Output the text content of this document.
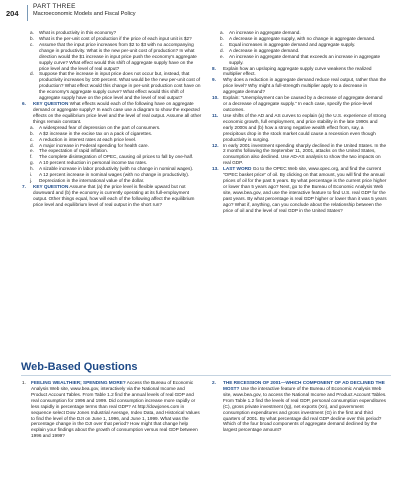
204
PART THREE
Macroeconomic Models and Fiscal Policy
a.	What is productivity in this economy?
b.	What is the per-unit cost of production if the price of each input unit is $2?
c.	Assume that the input price increases from $2 to $3 with no accompanying change in productivity. What is the new per-unit cost of production? In what direction would the $1 increase in input price push the economy's aggregate supply curve? What effect would this shift of aggregate supply have on the price level and the level of real output?
d.	Suppose that the increase in input price does not occur but, instead, that productivity increases by 100 percent. What would be the new per-unit cost of production? What effect would this change in per-unit production cost have on the economy's aggregate supply curve? What effect would this shift of aggregate supply have on the price level and the level of real output?
6.	KEY QUESTION What effects would each of the following have on aggregate demand or aggregate supply? In each case use a diagram to show the expected effects on the equilibrium price level and the level of real output. Assume all other things remain constant.
a.	A widespread fear of depression on the part of consumers.
b.	A $2 increase in the excise tax on a pack of cigarettes.
c.	A reduction in interest rates at each price level.
d.	A major increase in Federal spending for health care.
e.	The expectation of rapid inflation.
f.	The complete disintegration of OPEC, causing oil prices to fall by one-half.
g.	A 10 percent reduction in personal income tax rates.
h.	A sizable increase in labor productivity (with no change in nominal wages).
i.	A 12 percent increase in nominal wages (with no change in productivity).
j.	Depreciation in the international value of the dollar.
7.	KEY QUESTION Assume that (a) the price level is flexible upward but not downward and (b) the economy is currently operating at its full-employment output. Other things equal, how will each of the following affect the equilibrium price level and equilibrium level of real output in the short run?
a.	An increase in aggregate demand.
b.	A decrease in aggregate supply, with no change in aggregate demand.
c.	Equal increases in aggregate demand and aggregate supply.
d.	A decrease in aggregate demand.
e.	An increase in aggregate demand that exceeds an increase in aggregate supply.
8.	Explain how an upsloping aggregate supply curve weakens the realized multiplier effect.
9.	Why does a reduction in aggregate demand reduce real output, rather than the price level? Why might a full-strength multiplier apply to a decrease in aggregate demand?
10. Explain: “Unemployment can be caused by a decrease of aggregate demand or a decrease of aggregate supply.” In each case, specify the price-level outcomes.
11.	Use shifts of the AD and AS curves to explain (a) the U.S. experience of strong economic growth, full employment, and price stability in the late 1990s and early 2000s and (b) how a strong negative wealth effect from, say, a precipitous drop in the stock market could cause a recession even though productivity is surging.
12. In early 2001 investment spending sharply declined in the United States. In the 2 months following the September 11, 2001, attacks on the United States, consumption also declined. Use AD-AS analysis to show the two impacts on real GDP.
13. LAST WORD Go to the OPEC Web site, www.opec.org, and find the current “OPEC basket price” of oil. By clicking on that amount, you will find the annual prices of oil for the past 5 years. By what percentage is the current price higher or lower than 5 years ago? Next, go to the Bureau of Economic Analysis Web site, www.bea.gov, and use the interactive feature to find U.S. real GDP for the past years. By what percentage is real GDP higher or lower than it was 5 years ago? What if, anything, can you conclude about the relationship between the price of oil and the level of real GDP in the United States?
Web-Based Questions
1.	FEELING WEALTHIER; SPENDING MORE? Access the Bureau of Economic Analysis Web site, www.bea.gov, interactively via the National Income and Product Account Tables. From Table 1.2 find the annual levels of real GDP and real consumption for 1996 and 1999. Did consumption increase more rapidly or less rapidly in percentage terms than real GDP? At http://dowjones.com in sequence select Dow Jones Industrial Average, Index Data, and Historical Values to find the level of the DJI on June 1, 1996, and June 1, 1999. What was the percentage change in the DJI over that period? How might that change help explain your findings about the growth of consumption versus real GDP between 1996 and 1999?
2.	THE RECESSION OF 2001—WHICH COMPONENT OF AD DECLINED THE MOST? Use the interactive feature of the Bureau of Economic Analysis Web site, www.bea.gov, to access the National Income and Product Account Tables. From Table 1.2 find the levels of real GDP, personal consumption expenditures (C), gross private investment (Ig), net exports (Xn), and government consumption expenditures and gross investment (G) in the first and third quarters of 2001. By what percentage did real GDP decline over this period? Which of the four broad components of aggregate demand declined by the largest percentage amount?
